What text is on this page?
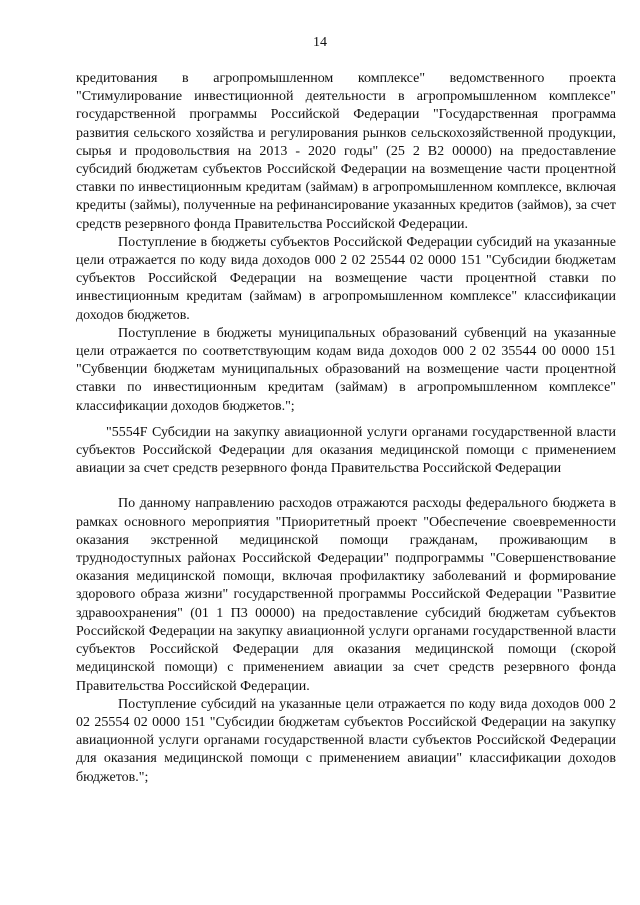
14

кредитования в агропромышленном комплексе" ведомственного проекта "Стимулирование инвестиционной деятельности в агропромышленном комплексе" государственной программы Российской Федерации "Государственная программа развития сельского хозяйства и регулирования рынков сельскохозяйственной продукции, сырья и продовольствия на 2013 - 2020 годы" (25 2 В2 00000) на предоставление субсидий бюджетам субъектов Российской Федерации на возмещение части процентной ставки по инвестиционным кредитам (займам) в агропромышленном комплексе, включая кредиты (займы), полученные на рефинансирование указанных кредитов (займов), за счет средств резервного фонда Правительства Российской Федерации.

Поступление в бюджеты субъектов Российской Федерации субсидий на указанные цели отражается по коду вида доходов 000 2 02 25544 02 0000 151 "Субсидии бюджетам субъектов Российской Федерации на возмещение части процентной ставки по инвестиционным кредитам (займам) в агропромышленном комплексе" классификации доходов бюджетов.

Поступление в бюджеты муниципальных образований субвенций на указанные цели отражается по соответствующим кодам вида доходов 000 2 02 35544 00 0000 151 "Субвенции бюджетам муниципальных образований на возмещение части процентной ставки по инвестиционным кредитам (займам) в агропромышленном комплексе" классификации доходов бюджетов.";

"5554F Субсидии на закупку авиационной услуги органами государственной власти субъектов Российской Федерации для оказания медицинской помощи с применением авиации за счет средств резервного фонда Правительства Российской Федерации

По данному направлению расходов отражаются расходы федерального бюджета в рамках основного мероприятия "Приоритетный проект "Обеспечение своевременности оказания экстренной медицинской помощи гражданам, проживающим в труднодоступных районах Российской Федерации" подпрограммы "Совершенствование оказания медицинской помощи, включая профилактику заболеваний и формирование здорового образа жизни" государственной программы Российской Федерации "Развитие здравоохранения" (01 1 П3 00000) на предоставление субсидий бюджетам субъектов Российской Федерации на закупку авиационной услуги органами государственной власти субъектов Российской Федерации для оказания медицинской помощи (скорой медицинской помощи) с применением авиации за счет средств резервного фонда Правительства Российской Федерации.

Поступление субсидий на указанные цели отражается по коду вида доходов 000 2 02 25554 02 0000 151 "Субсидии бюджетам субъектов Российской Федерации на закупку авиационной услуги органами государственной власти субъектов Российской Федерации для оказания медицинской помощи с применением авиации" классификации доходов бюджетов.";
